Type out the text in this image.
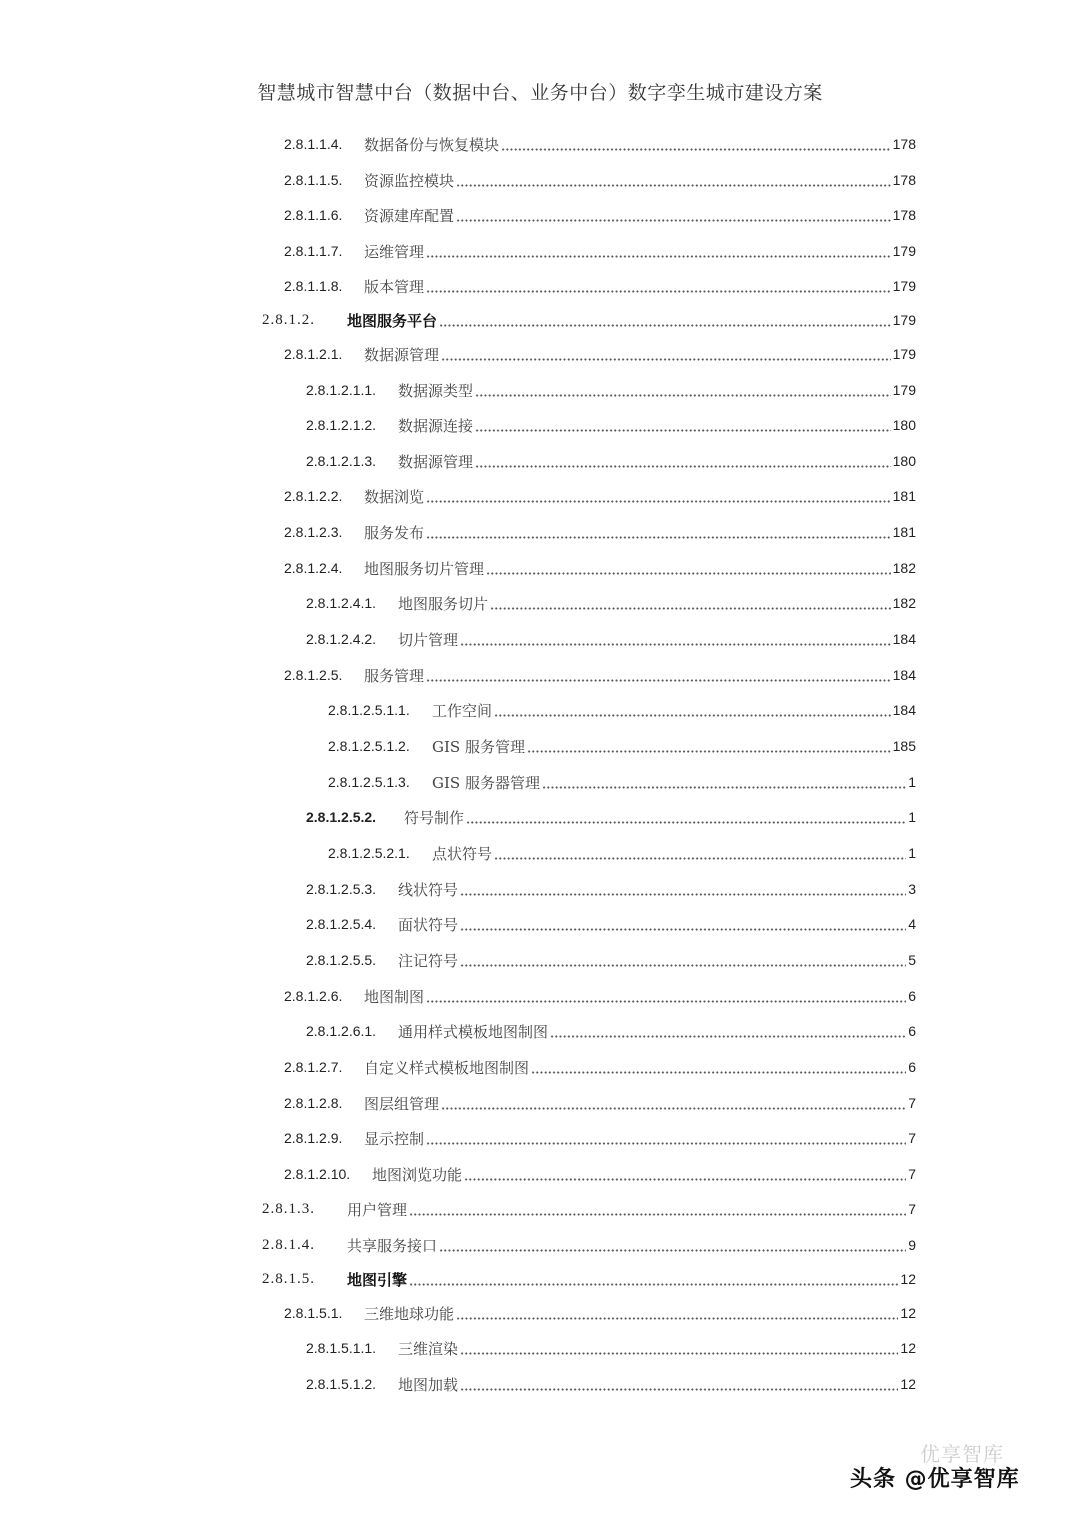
智慧城市智慧中台（数据中台、业务中台）数字孪生城市建设方案
2.8.1.1.4.	数据备份与恢复模块	178
2.8.1.1.5.	资源监控模块	178
2.8.1.1.6.	资源建库配置	178
2.8.1.1.7.	运维管理	179
2.8.1.1.8.	版本管理	179
2.8.1.2.	地图服务平台	179
2.8.1.2.1.	数据源管理	179
2.8.1.2.1.1.	数据源类型	179
2.8.1.2.1.2.	数据源连接	180
2.8.1.2.1.3.	数据源管理	180
2.8.1.2.2.	数据浏览	181
2.8.1.2.3.	服务发布	181
2.8.1.2.4.	地图服务切片管理	182
2.8.1.2.4.1.	地图服务切片	182
2.8.1.2.4.2.	切片管理	184
2.8.1.2.5.	服务管理	184
2.8.1.2.5.1.1.	工作空间	184
2.8.1.2.5.1.2.	GIS 服务管理	185
2.8.1.2.5.1.3.	GIS 服务器管理	1
2.8.1.2.5.2.	符号制作	1
2.8.1.2.5.2.1.	点状符号	1
2.8.1.2.5.3.	线状符号	3
2.8.1.2.5.4.	面状符号	4
2.8.1.2.5.5.	注记符号	5
2.8.1.2.6.	地图制图	6
2.8.1.2.6.1.	通用样式模板地图制图	6
2.8.1.2.7.	自定义样式模板地图制图	6
2.8.1.2.8.	图层组管理	7
2.8.1.2.9.	显示控制	7
2.8.1.2.10.	地图浏览功能	7
2.8.1.3.	用户管理	7
2.8.1.4.	共享服务接口	9
2.8.1.5.	地图引擎	12
2.8.1.5.1.	三维地球功能	12
2.8.1.5.1.1.	三维渲染	12
2.8.1.5.1.2.	地图加载	12
优享智库
头条 @优享智库
